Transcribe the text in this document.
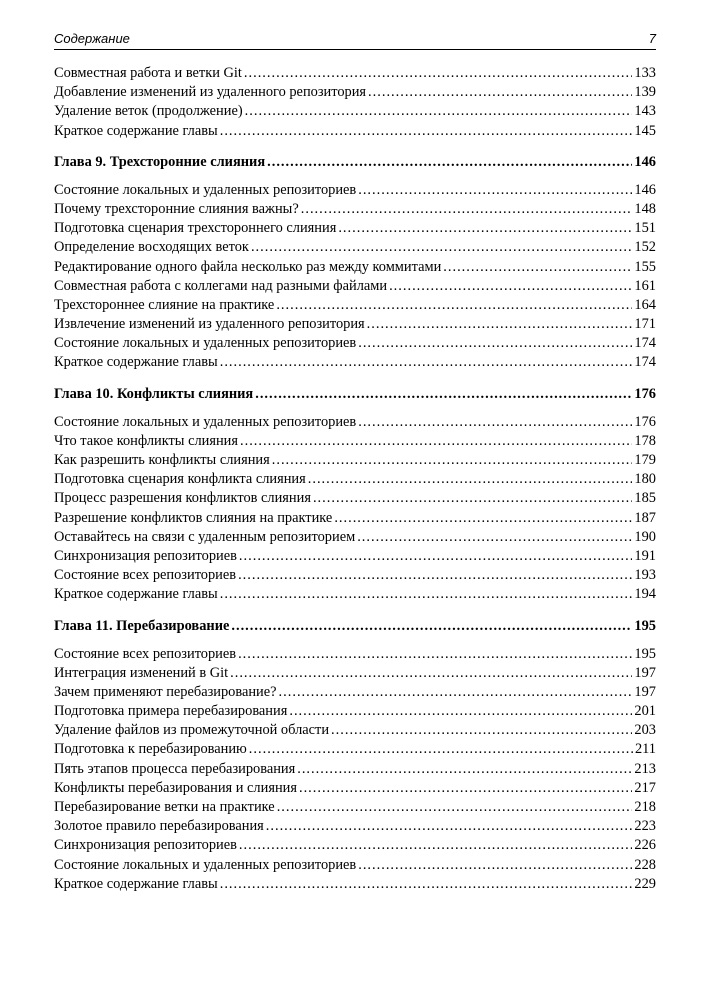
Содержание	7
Совместная работа и ветки Git .....	133
Добавление изменений из удаленного репозитория .....	139
Удаление веток (продолжение) .....	143
Краткое содержание главы .....	145
Глава 9. Трехсторонние слияния .....	146
Состояние локальных и удаленных репозиториев .....	146
Почему трехсторонние слияния важны? .....	148
Подготовка сценария трехстороннего слияния .....	151
Определение восходящих веток .....	152
Редактирование одного файла несколько раз между коммитами .....	155
Совместная работа с коллегами над разными файлами .....	161
Трехстороннее слияние на практике .....	164
Извлечение изменений из удаленного репозитория .....	171
Состояние локальных и удаленных репозиториев .....	174
Краткое содержание главы .....	174
Глава 10. Конфликты слияния .....	176
Состояние локальных и удаленных репозиториев .....	176
Что такое конфликты слияния .....	178
Как разрешить конфликты слияния .....	179
Подготовка сценария конфликта слияния .....	180
Процесс разрешения конфликтов слияния .....	185
Разрешение конфликтов слияния на практике .....	187
Оставайтесь на связи с удаленным репозиторием .....	190
Синхронизация репозиториев .....	191
Состояние всех репозиториев .....	193
Краткое содержание главы .....	194
Глава 11. Перебазирование .....	195
Состояние всех репозиториев .....	195
Интеграция изменений в Git .....	197
Зачем применяют перебазирование? .....	197
Подготовка примера перебазирования .....	201
Удаление файлов из промежуточной области .....	203
Подготовка к перебазированию .....	211
Пять этапов процесса перебазирования .....	213
Конфликты перебазирования и слияния .....	217
Перебазирование ветки на практике .....	218
Золотое правило перебазирования .....	223
Синхронизация репозиториев .....	226
Состояние локальных и удаленных репозиториев .....	228
Краткое содержание главы .....	229
